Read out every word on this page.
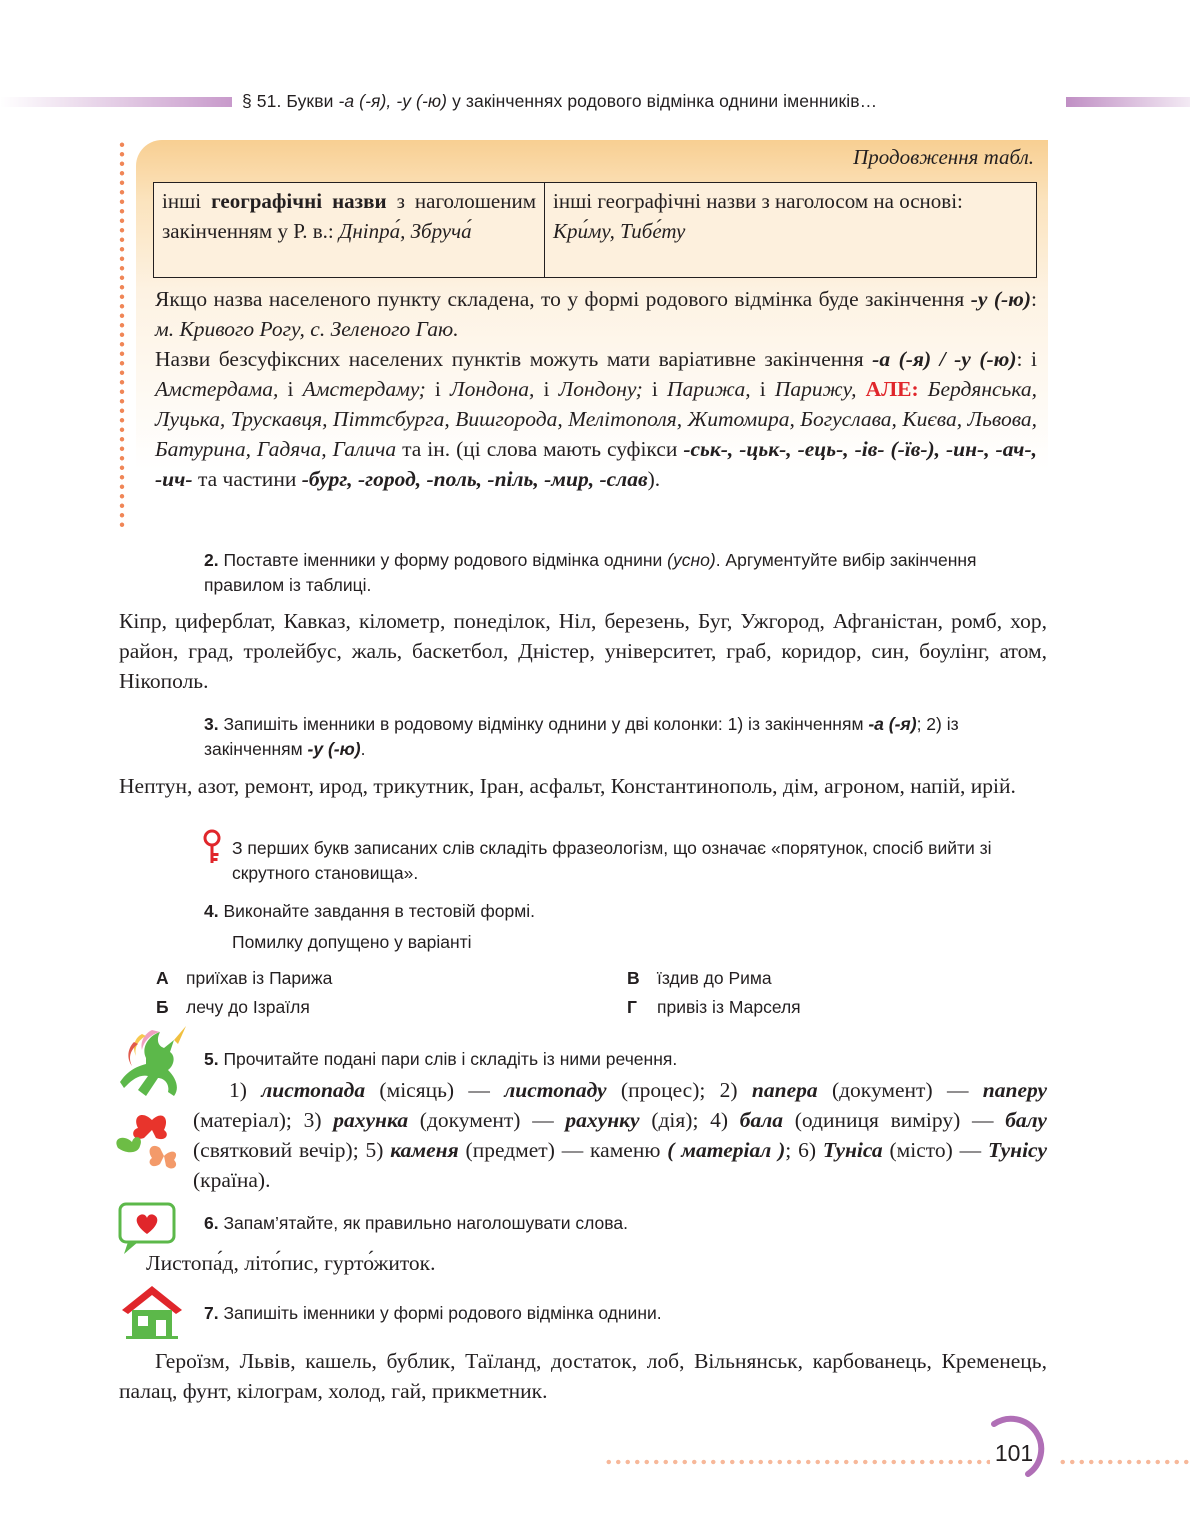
§ 51. Букви -а (-я), -у (-ю) у закінченнях родового відмінка однини іменників…
Продовження табл.
інші географічні назви з наголошеним закінченням у Р. в.: Дніпра́, Збруча́	інші географічні назви з наголосом на основі: Кри́му, Тибе́ту
Якщо назва населеного пункту складена, то у формі родового відмінка буде закінчення -у (-ю): м. Кривого Рогу, с. Зеленого Гаю.
Назви безсуфіксних населених пунктів можуть мати варіативне закінчення -а (-я) / -у (-ю): і Амстердама, і Амстердаму; і Лондона, і Лондону; і Парижа, і Парижу, АЛЕ: Бердянська, Луцька, Трускавця, Піттсбурга, Вишгорода, Мелітополя, Житомира, Богуслава, Києва, Львова, Батурина, Гадяча, Галича та ін. (ці слова мають суфікси -ськ-, -цьк-, -ець-, -ів- (-їв-), -ин-, -ач-, -ич- та частини -бург, -город, -поль, -піль, -мир, -слав).
2. Поставте іменники у форму родового відмінка однини (усно). Аргументуйте вибір закінчення правилом із таблиці.
Кіпр, циферблат, Кавказ, кілометр, понеділок, Ніл, березень, Буг, Ужгород, Афганістан, ромб, хор, район, град, тролейбус, жаль, баскетбол, Дністер, університет, граб, коридор, син, боулінг, атом, Нікополь.
3. Запишіть іменники в родовому відмінку однини у дві колонки: 1) із закінченням -а (-я); 2) із закінченням -у (-ю).
Нептун, азот, ремонт, ирод, трикутник, Іран, асфальт, Константинополь, дім, агроном, напій, ирій.
З перших букв записаних слів складіть фразеологізм, що означає «порятунок, спосіб вийти зі скрутного становища».
4. Виконайте завдання в тестовій формі.
Помилку допущено у варіанті
А приїхав із Парижа
Б лечу до Ізраїля
В їздив до Рима
Г привіз із Марселя
5. Прочитайте подані пари слів і складіть із ними речення.
1) листопада (місяць) — листопаду (процес); 2) папера (документ) — паперу (матеріал); 3) рахунка (документ) — рахунку (дія); 4) бала (одиниця виміру) — балу (святковий вечір); 5) каменя (предмет) — каменю ( матеріал ); 6) Туніса (місто) — Тунісу (країна).
6. Запам’ятайте, як правильно наголошувати слова.
Листопа́д, літо́пис, гурто́житок.
7. Запишіть іменники у формі родового відмінка однини.
Героїзм, Львів, кашель, бублик, Таїланд, достаток, лоб, Вільнянськ, карбованець, Кременець, палац, фунт, кілограм, холод, гай, прикметник.
101
